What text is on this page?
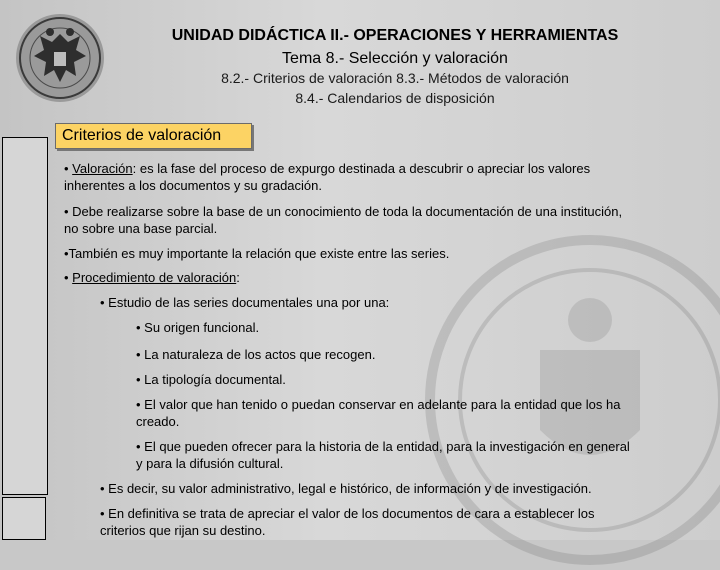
UNIDAD DIDÁCTICA II.- OPERACIONES Y HERRAMIENTAS
Tema 8.- Selección y valoración
8.2.- Criterios de valoración 8.3.- Métodos de valoración
8.4.- Calendarios de disposición
Criterios de valoración
• Valoración: es la fase del proceso de expurgo destinada a descubrir o apreciar los valores
inherentes a los documentos y su gradación.
• Debe realizarse sobre la base de un conocimiento de toda la documentación de una institución,
no sobre una base parcial.
•También es muy importante la relación que existe entre las series.
• Procedimiento de valoración:
• Estudio de las series documentales una por una:
• Su origen funcional.
• La naturaleza de los actos que recogen.
• La tipología documental.
• El valor que han tenido o puedan conservar en adelante para la entidad que los ha
creado.
• El que pueden ofrecer para la historia de la entidad, para la investigación en general
y para la difusión cultural.
• Es decir, su valor administrativo, legal e histórico, de información y de investigación.
• En definitiva se trata de apreciar el valor de los documentos de cara a establecer los
criterios que rijan su destino.
